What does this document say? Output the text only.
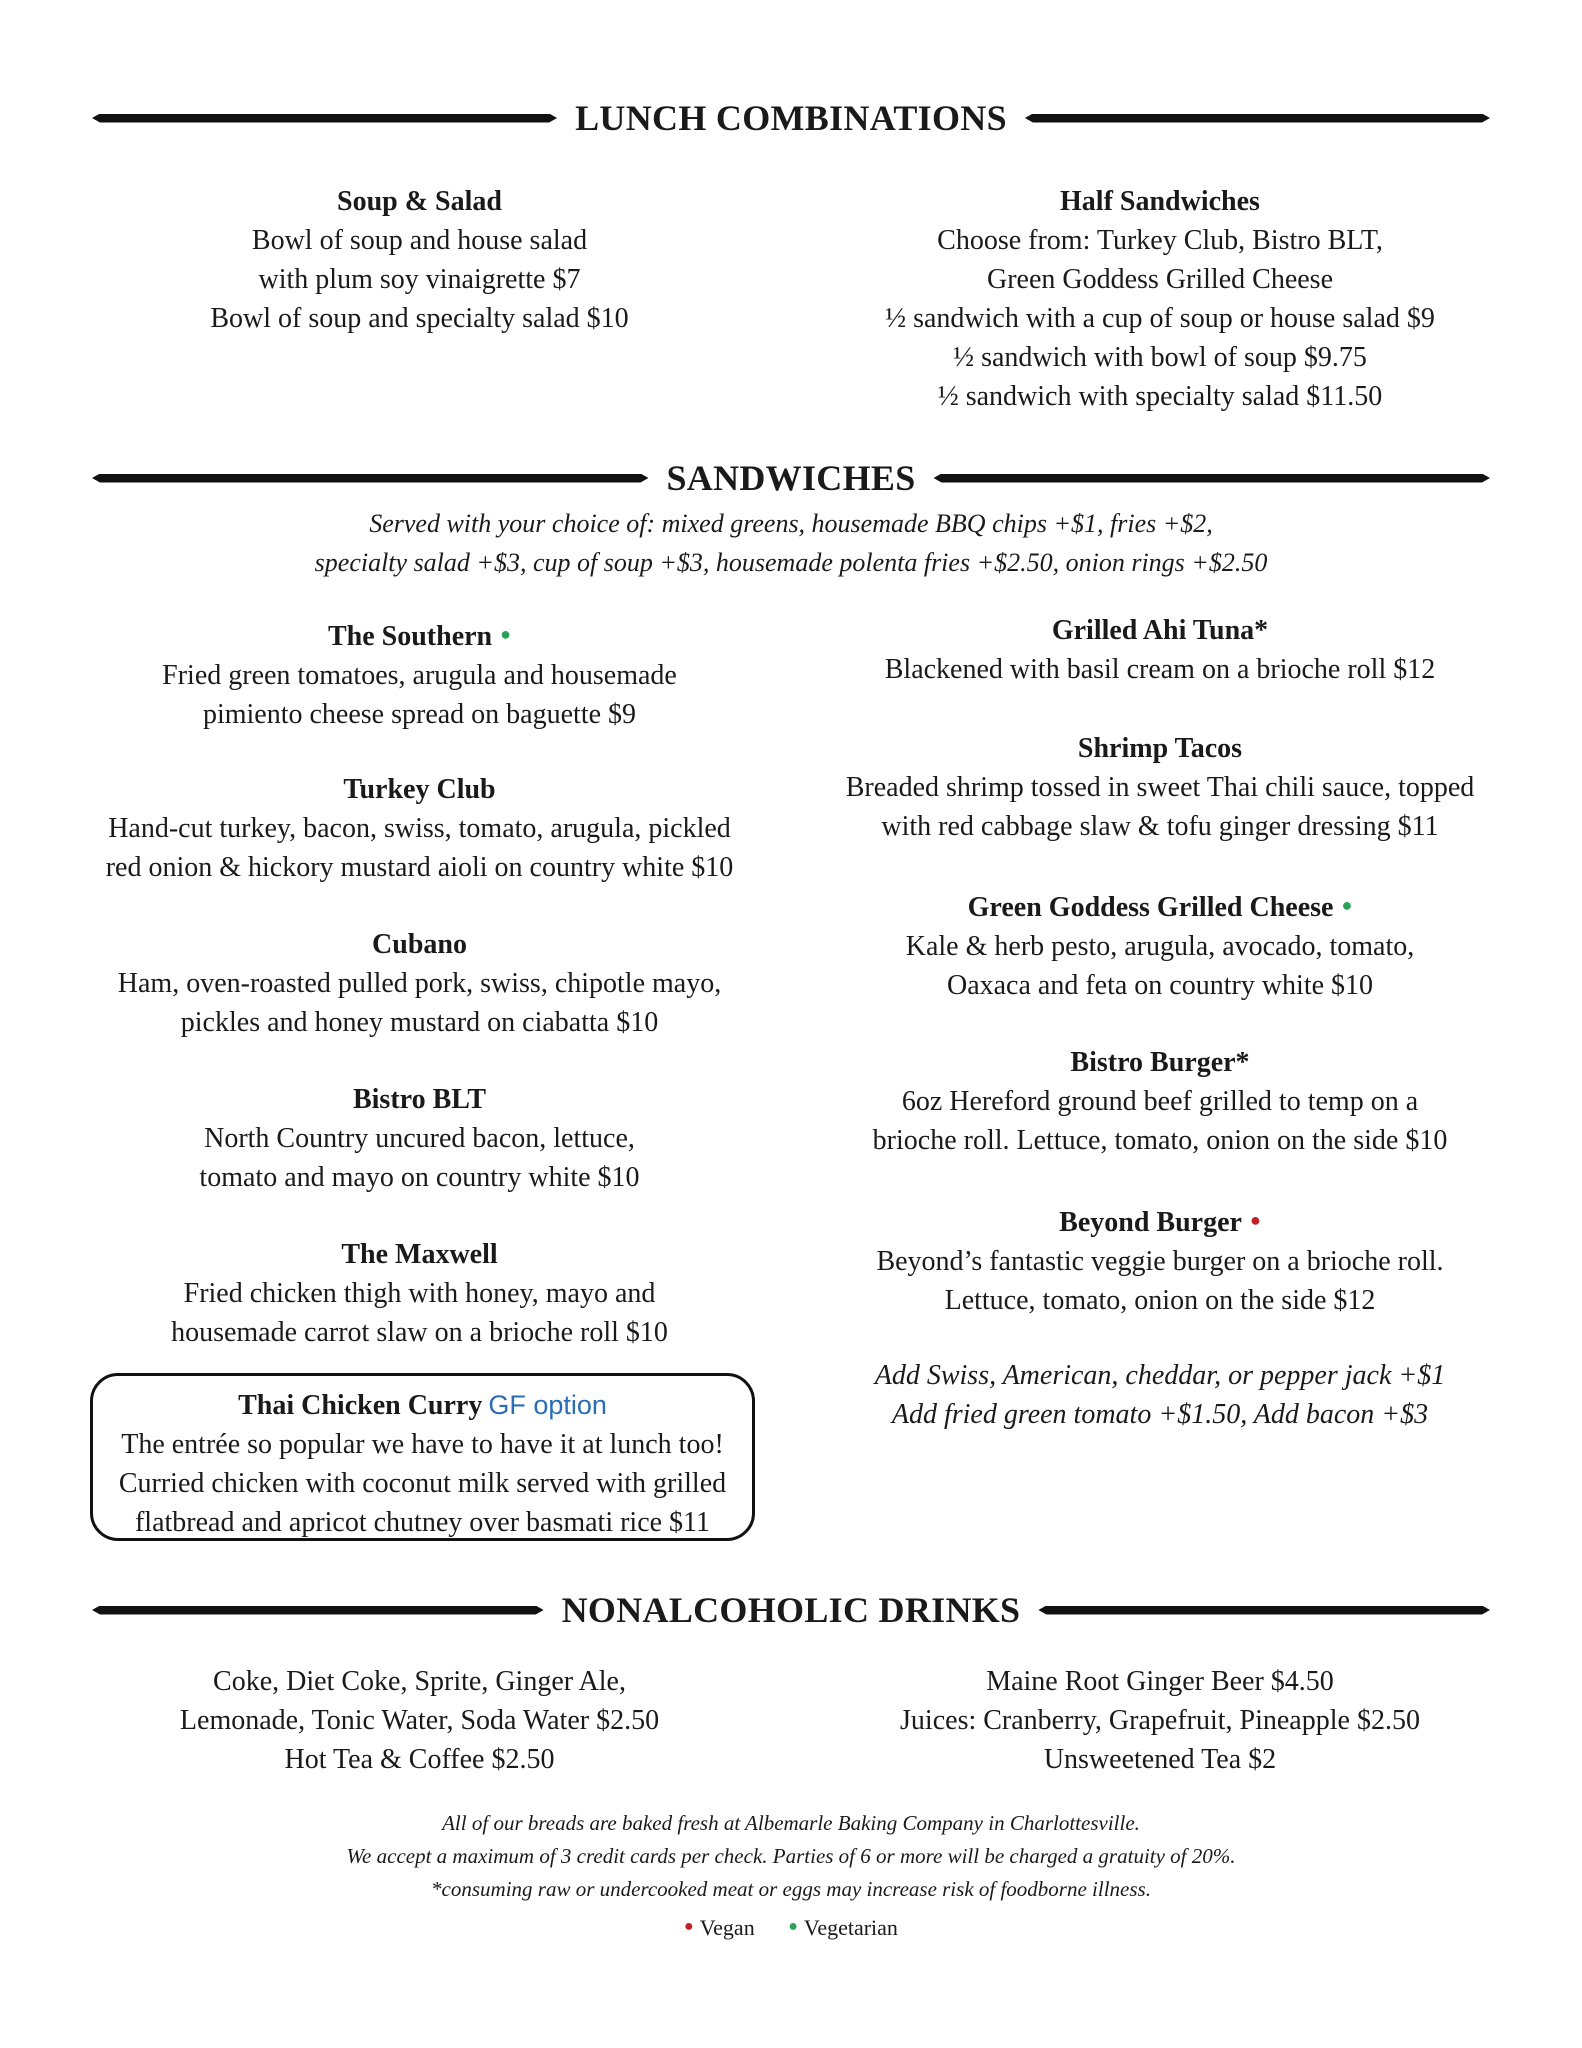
LUNCH COMBINATIONS
Soup & Salad
Bowl of soup and house salad
with plum soy vinaigrette $7
Bowl of soup and specialty salad $10
Half Sandwiches
Choose from: Turkey Club, Bistro BLT,
Green Goddess Grilled Cheese
½ sandwich with a cup of soup or house salad $9
½ sandwich with bowl of soup $9.75
½ sandwich with specialty salad $11.50
SANDWICHES
Served with your choice of: mixed greens, housemade BBQ chips +$1, fries +$2,
specialty salad +$3, cup of soup +$3, housemade polenta fries +$2.50, onion rings +$2.50
The Southern ●
Fried green tomatoes, arugula and housemade
pimiento cheese spread on baguette $9
Turkey Club
Hand-cut turkey, bacon, swiss, tomato, arugula, pickled
red onion & hickory mustard aioli on country white $10
Cubano
Ham, oven-roasted pulled pork, swiss, chipotle mayo,
pickles and honey mustard on ciabatta $10
Bistro BLT
North Country uncured bacon, lettuce,
tomato and mayo on country white $10
The Maxwell
Fried chicken thigh with honey, mayo and
housemade carrot slaw on a brioche roll $10
Thai Chicken Curry GF option
The entrée so popular we have to have it at lunch too!
Curried chicken with coconut milk served with grilled
flatbread and apricot chutney over basmati rice $11
Grilled Ahi Tuna*
Blackened with basil cream on a brioche roll $12
Shrimp Tacos
Breaded shrimp tossed in sweet Thai chili sauce, topped
with red cabbage slaw & tofu ginger dressing $11
Green Goddess Grilled Cheese ●
Kale & herb pesto, arugula, avocado, tomato,
Oaxaca and feta on country white $10
Bistro Burger*
6oz Hereford ground beef grilled to temp on a
brioche roll. Lettuce, tomato, onion on the side $10
Beyond Burger ●
Beyond’s fantastic veggie burger on a brioche roll.
Lettuce, tomato, onion on the side $12
Add Swiss, American, cheddar, or pepper jack +$1
Add fried green tomato +$1.50, Add bacon +$3
NONALCOHOLIC DRINKS
Coke, Diet Coke, Sprite, Ginger Ale,
Lemonade, Tonic Water, Soda Water $2.50
Hot Tea & Coffee $2.50
Maine Root Ginger Beer $4.50
Juices: Cranberry, Grapefruit, Pineapple $2.50
Unsweetened Tea $2
All of our breads are baked fresh at Albemarle Baking Company in Charlottesville.
We accept a maximum of 3 credit cards per check. Parties of 6 or more will be charged a gratuity of 20%.
*consuming raw or undercooked meat or eggs may increase risk of foodborne illness.
● Vegan ● Vegetarian
